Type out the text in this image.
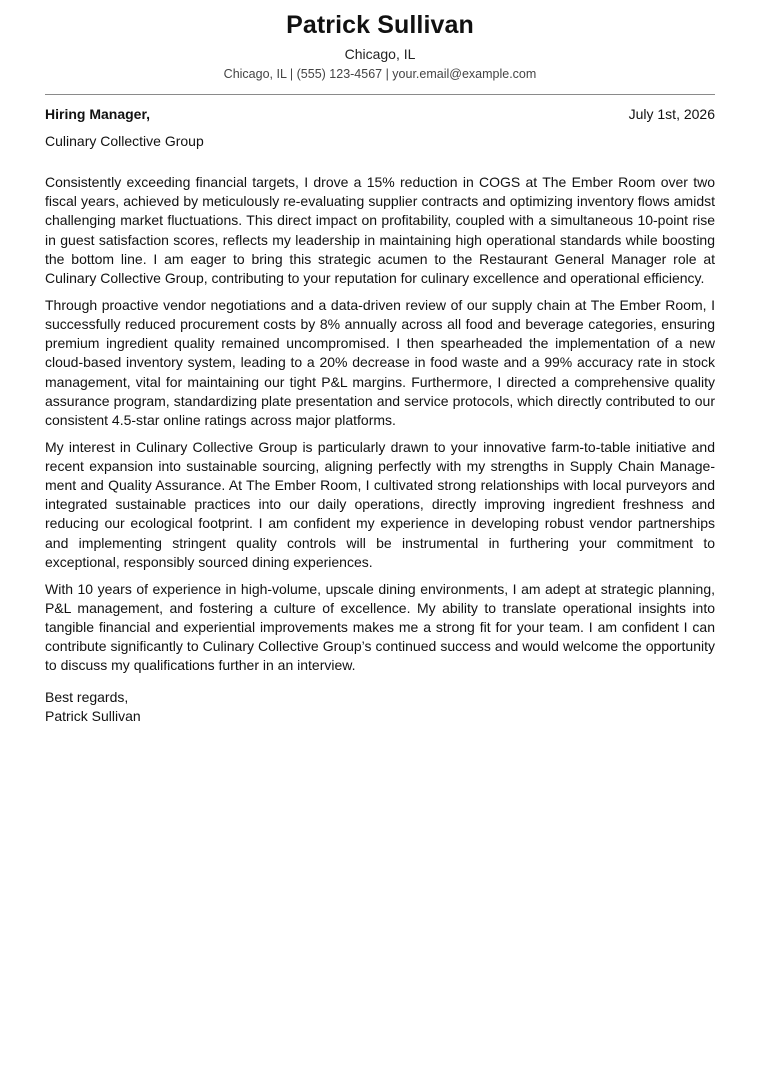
Patrick Sullivan
Chicago, IL
Chicago, IL | (555) 123-4567 | your.email@example.com
Hiring Manager,	July 1st, 2026
Culinary Collective Group

Consistently exceeding financial targets, I drove a 15% reduction in COGS at The Ember Room over two fiscal years, achieved by meticulously re-evaluating supplier contracts and optimizing inventory flows amidst challenging market fluctuations. This direct impact on profitability, coupled with a simultaneous 10-point rise in guest satisfaction scores, reflects my leadership in maintaining high operational standards while boosting the bottom line. I am eager to bring this strategic acumen to the Restaurant General Manager role at Culinary Collective Group, contributing to your reputation for culinary excellence and operational efficiency.

Through proactive vendor negotiations and a data-driven review of our supply chain at The Ember Room, I successfully reduced procurement costs by 8% annually across all food and beverage categories, ensuring premium ingredient quality remained uncompromised. I then spearheaded the implementation of a new cloud-based inventory system, leading to a 20% decrease in food waste and a 99% accuracy rate in stock management, vital for maintaining our tight P&L margins. Furthermore, I directed a comprehensive quality assurance program, standardizing plate presentation and service protocols, which directly contributed to our consistent 4.5-star online ratings across major platforms.

My interest in Culinary Collective Group is particularly drawn to your innovative farm-to-table initiative and recent expansion into sustainable sourcing, aligning perfectly with my strengths in Supply Chain Management and Quality Assurance. At The Ember Room, I cultivated strong relationships with local purveyors and integrated sustainable practices into our daily operations, directly improving ingredient freshness and reducing our ecological footprint. I am confident my experience in developing robust vendor partnerships and implementing stringent quality controls will be instrumental in furthering your commitment to exceptional, responsibly sourced dining experiences.

With 10 years of experience in high-volume, upscale dining environments, I am adept at strategic planning, P&L management, and fostering a culture of excellence. My ability to translate operational insights into tangible financial and experiential improvements makes me a strong fit for your team. I am confident I can contribute significantly to Culinary Collective Group’s continued success and would welcome the opportunity to discuss my qualifications further in an interview.

Best regards,
Patrick Sullivan
